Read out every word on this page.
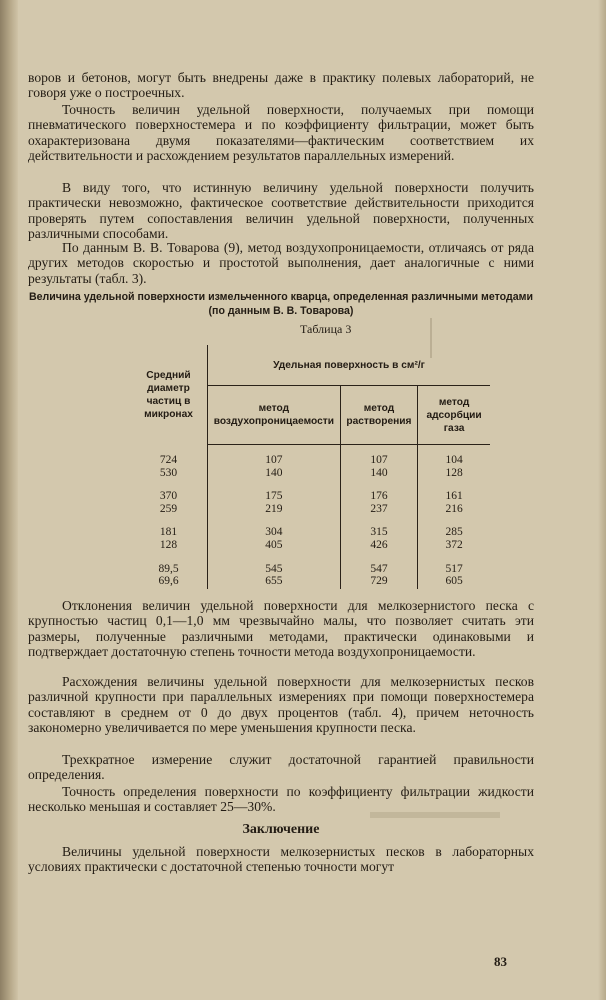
воров и бетонов, могут быть внедрены даже в практику полевых лабораторий, не говоря уже о построечных.

Точность величин удельной поверхности, получаемых при помощи пневматического поверхностемера и по коэффициенту фильтрации, может быть охарактеризована двумя показателями—фактическим соответствием их действительности и расхождением результатов параллельных измерений.

В виду того, что истинную величину удельной поверхности получить практически невозможно, фактическое соответствие действительности приходится проверять путем сопоставления величин удельной поверхности, полученных различными способами.

По данным В. В. Товарова (9), метод воздухопроницаемости, отличаясь от ряда других методов скоростью и простотой выполнения, дает аналогичные с ними результаты (табл. 3).

Величина удельной поверхности измельченного кварца, определенная различными методами (по данным В. В. Товарова)
Таблица 3
Средний диаметр частиц в микронах	Удельная поверхность в см²/г		
	метод воздухопроницаемости	метод растворения	метод адсорбции газа

724	107	107	104
530	140	140	128

370	175	176	161
259	219	237	216

181	304	315	285
128	405	426	372

89,5	545	547	517
69,6	655	729	605

Отклонения величин удельной поверхности для мелкозернистого песка с крупностью частиц 0,1—1,0 мм чрезвычайно малы, что позволяет считать эти размеры, полученные различными методами, практически одинаковыми и подтверждает достаточную степень точности метода воздухопроницаемости.

Расхождения величины удельной поверхности для мелкозернистых песков различной крупности при параллельных измерениях при помощи поверхностемера составляют в среднем от 0 до двух процентов (табл. 4), причем неточность закономерно увеличивается по мере уменьшения крупности песка.

Трехкратное измерение служит достаточной гарантией правильности определения.

Точность определения поверхности по коэффициенту фильтрации жидкости несколько меньшая и составляет 25—30%.

Заключение

Величины удельной поверхности мелкозернистых песков в лабораторных условиях практически с достаточной степенью точности могут

83
